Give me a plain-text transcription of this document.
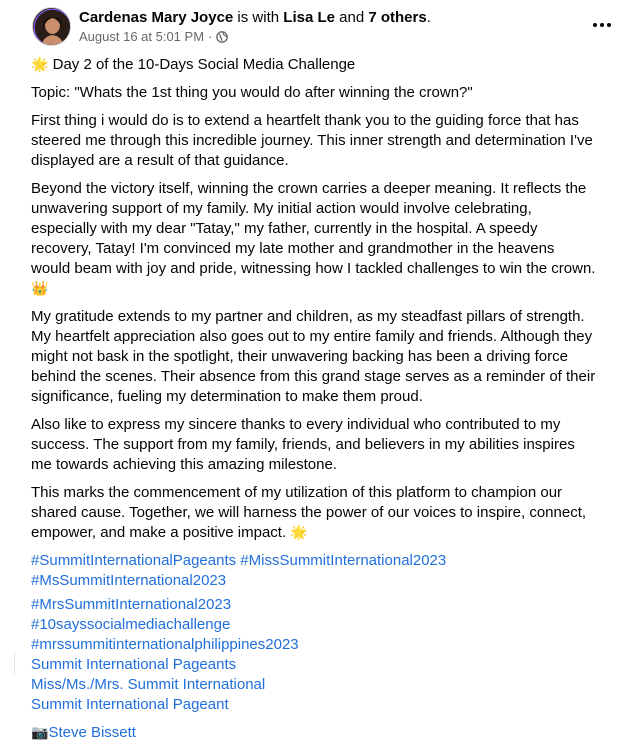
Cardenas Mary Joyce is with Lisa Le and 7 others.
August 16 at 5:01 PM ·

🌟 Day 2 of the 10-Days Social Media Challenge

Topic: "Whats the 1st thing you would do after winning the crown?"

First thing i would do is to extend a heartfelt thank you to the guiding force that has steered me through this incredible journey. This inner strength and determination I've displayed are a result of that guidance.

Beyond the victory itself, winning the crown carries a deeper meaning. It reflects the unwavering support of my family. My initial action would involve celebrating, especially with my dear "Tatay," my father, currently in the hospital. A speedy recovery, Tatay! I'm convinced my late mother and grandmother in the heavens would beam with joy and pride, witnessing how I tackled challenges to win the crown. 👑

My gratitude extends to my partner and children, as my steadfast pillars of strength. My heartfelt appreciation also goes out to my entire family and friends. Although they might not bask in the spotlight, their unwavering backing has been a driving force behind the scenes. Their absence from this grand stage serves as a reminder of their significance, fueling my determination to make them proud.

Also like to express my sincere thanks to every individual who contributed to my success. The support from my family, friends, and believers in my abilities inspires me towards achieving this amazing milestone.

This marks the commencement of my utilization of this platform to champion our shared cause. Together, we will harness the power of our voices to inspire, connect, empower, and make a positive impact. 🌟

#SummitInternationalPageants #MissSummitInternational2023
#MsSummitInternational2023

#MrsSummitInternational2023
#10sayssocialmediachallenge
#mrssummitinternationalphilippines2023
Summit International Pageants
Miss/Ms./Mrs. Summit International
Summit International Pageant
📷Steve Bissett
